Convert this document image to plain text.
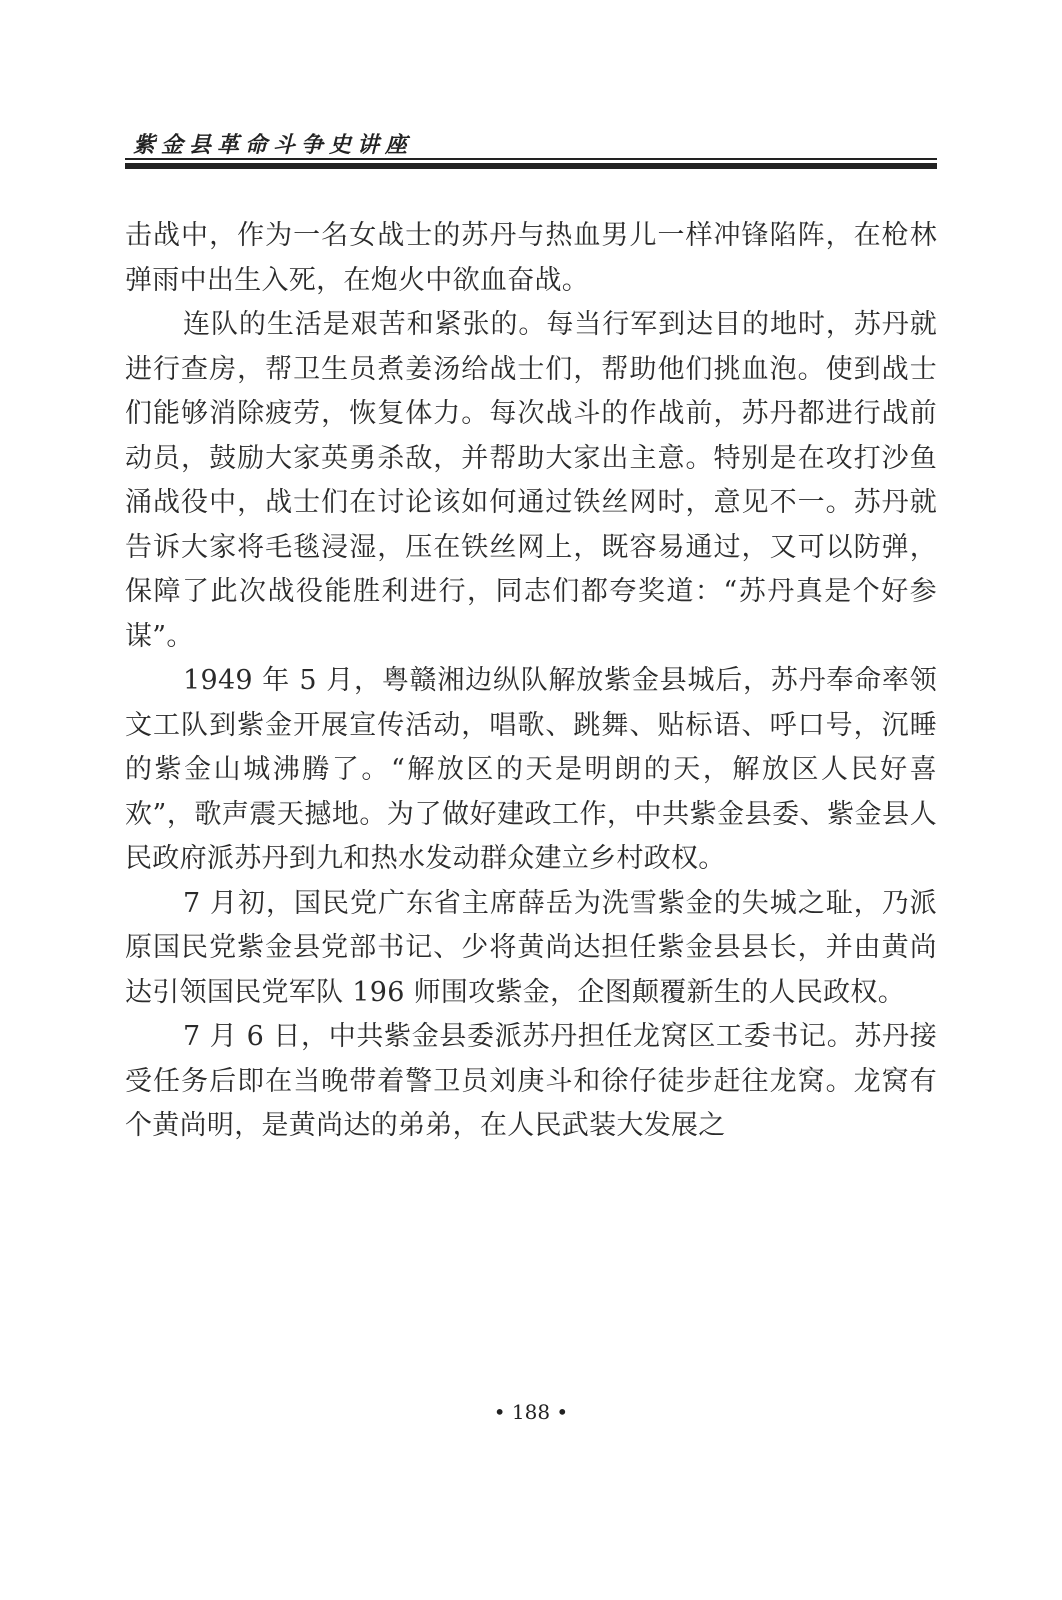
紫金县革命斗争史讲座

击战中，作为一名女战士的苏丹与热血男儿一样冲锋陷阵，在枪林弹雨中出生入死，在炮火中欲血奋战。

连队的生活是艰苦和紧张的。每当行军到达目的地时，苏丹就进行查房，帮卫生员煮姜汤给战士们，帮助他们挑血泡。使到战士们能够消除疲劳，恢复体力。每次战斗的作战前，苏丹都进行战前动员，鼓励大家英勇杀敌，并帮助大家出主意。特别是在攻打沙鱼涌战役中，战士们在讨论该如何通过铁丝网时，意见不一。苏丹就告诉大家将毛毯浸湿，压在铁丝网上，既容易通过，又可以防弹，保障了此次战役能胜利进行，同志们都夸奖道：“苏丹真是个好参谋”。

1949 年 5 月，粤赣湘边纵队解放紫金县城后，苏丹奉命率领文工队到紫金开展宣传活动，唱歌、跳舞、贴标语、呼口号，沉睡的紫金山城沸腾了。“解放区的天是明朗的天，解放区人民好喜欢”，歌声震天撼地。为了做好建政工作，中共紫金县委、紫金县人民政府派苏丹到九和热水发动群众建立乡村政权。

7 月初，国民党广东省主席薛岳为洗雪紫金的失城之耻，乃派原国民党紫金县党部书记、少将黄尚达担任紫金县县长，并由黄尚达引领国民党军队 196 师围攻紫金，企图颠覆新生的人民政权。

7 月 6 日，中共紫金县委派苏丹担任龙窝区工委书记。苏丹接受任务后即在当晚带着警卫员刘庚斗和徐仔徒步赶往龙窝。龙窝有个黄尚明，是黄尚达的弟弟，在人民武装大发展之

• 188 •
